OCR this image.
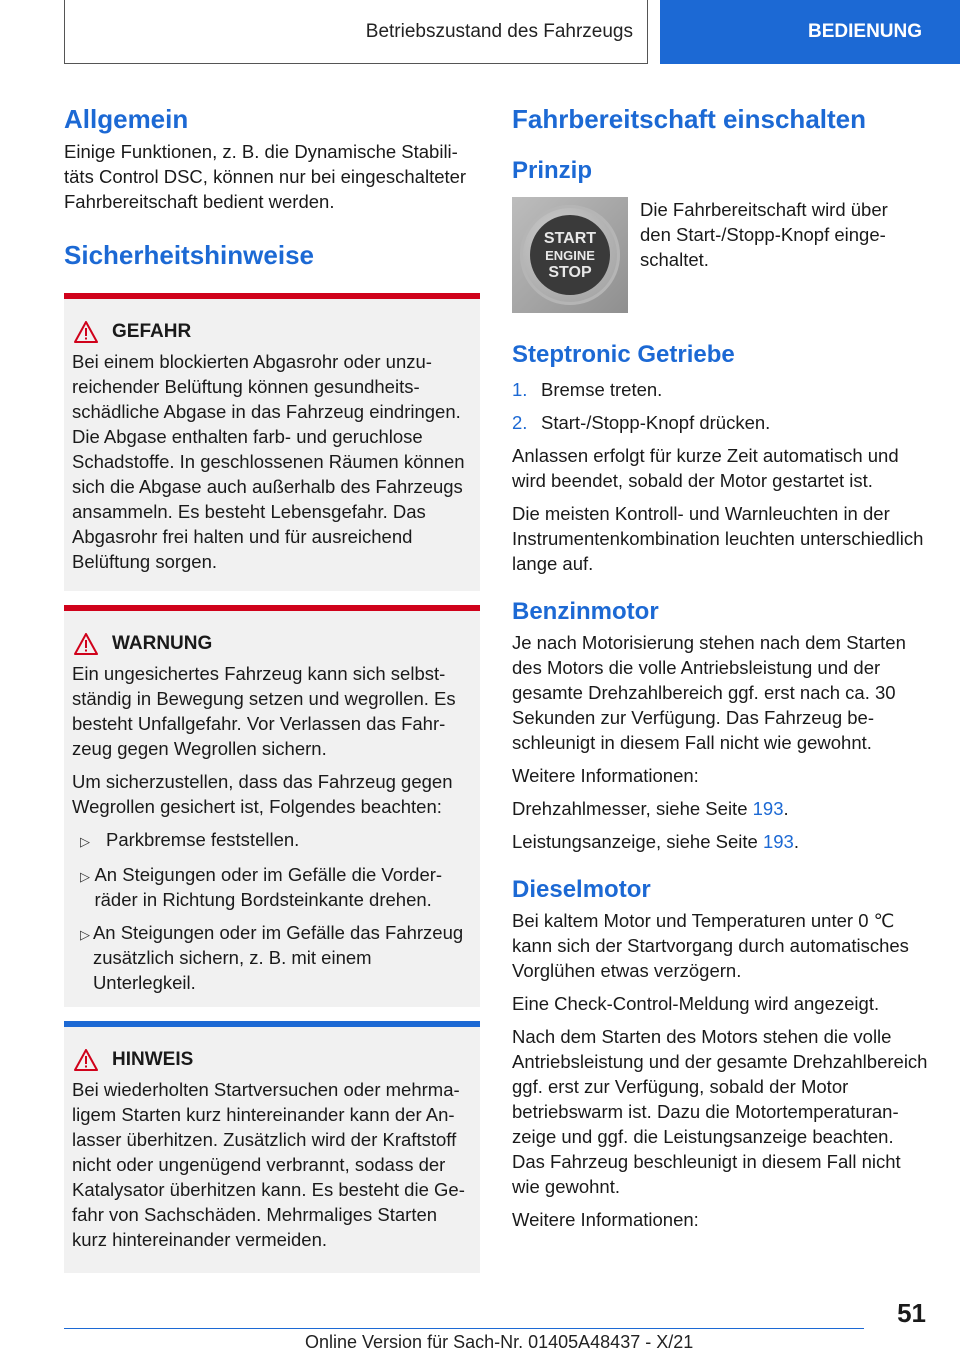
Betriebszustand des Fahrzeugs	BEDIENUNG
Allgemein

Einige Funktionen, z. B. die Dynamische Stabilitäts Control DSC, können nur bei eingeschalteter Fahrbereitschaft bedient werden.

Sicherheitshinweise
GEFAHR

Bei einem blockierten Abgasrohr oder unzureichender Belüftung können gesundheitsschädliche Abgase in das Fahrzeug eindringen. Die Abgase enthalten farb- und geruchlose Schadstoffe. In geschlossenen Räumen können sich die Abgase auch außerhalb des Fahrzeugs ansammeln. Es besteht Lebensgefahr. Das Abgasrohr frei halten und für ausreichend Belüftung sorgen.

WARNUNG

Ein ungesichertes Fahrzeug kann sich selbstständig in Bewegung setzen und wegrollen. Es besteht Unfallgefahr. Vor Verlassen das Fahrzeug gegen Wegrollen sichern.

Um sicherzustellen, dass das Fahrzeug gegen Wegrollen gesichert ist, Folgendes beachten:

▷ Parkbremse feststellen.
▷ An Steigungen oder im Gefälle die Vorderräder in Richtung Bordsteinkante drehen.
▷ An Steigungen oder im Gefälle das Fahrzeug zusätzlich sichern, z. B. mit einem Unterlegkeil.
HINWEIS

Bei wiederholten Startversuchen oder mehrmaligem Starten kurz hintereinander kann der Anlasser überhitzen. Zusätzlich wird der Kraftstoff nicht oder ungenügend verbrannt, sodass der Katalysator überhitzen kann. Es besteht die Gefahr von Sachschäden. Mehrmaliges Starten kurz hintereinander vermeiden.

Fahrbereitschaft einschalten
Prinzip
START
ENGINE
STOP

Die Fahrbereitschaft wird über den Start-/Stopp-Knopf eingeschaltet.

Steptronic Getriebe
1. Bremse treten.
2. Start-/Stopp-Knopf drücken.

Anlassen erfolgt für kurze Zeit automatisch und wird beendet, sobald der Motor gestartet ist.

Die meisten Kontroll- und Warnleuchten in der Instrumentenkombination leuchten unterschiedlich lange auf.

Benzinmotor

Je nach Motorisierung stehen nach dem Starten des Motors die volle Antriebsleistung und der gesamte Drehzahlbereich ggf. erst nach ca. 30 Sekunden zur Verfügung. Das Fahrzeug beschleunigt in diesem Fall nicht wie gewohnt.

Weitere Informationen:

Drehzahlmesser, siehe Seite 193.

Leistungsanzeige, siehe Seite 193.

Dieselmotor

Bei kaltem Motor und Temperaturen unter 0 ℃ kann sich der Startvorgang durch automatisches Vorglühen etwas verzögern.

Eine Check-Control-Meldung wird angezeigt.

Nach dem Starten des Motors stehen die volle Antriebsleistung und der gesamte Drehzahlbereich ggf. erst zur Verfügung, sobald der Motor betriebswarm ist. Dazu die Motortemperaturanzeige und ggf. die Leistungsanzeige beachten. Das Fahrzeug beschleunigt in diesem Fall nicht wie gewohnt.

Weitere Informationen:

51
Online Version für Sach-Nr. 01405A48437 - X/21
